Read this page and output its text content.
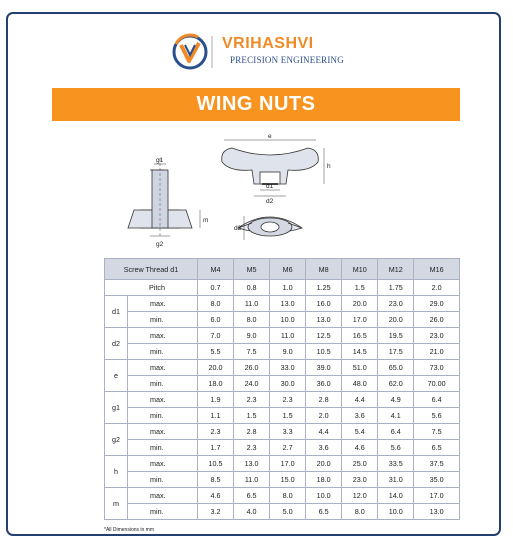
VRIHASHVI
PRECISION ENGINEERING
WING NUTS
g1
m
g2
e
h
d1
d2
d3
Screw Thread d1		M4	M5	M6	M8	M10	M12	M16
Pitch		0.7	0.8	1.0	1.25	1.5	1.75	2.0
d1	max.	8.0	11.0	13.0	16.0	20.0	23.0	29.0
	min.	6.0	8.0	10.0	13.0	17.0	20.0	26.0
d2	max.	7.0	9.0	11.0	12.5	16.5	19.5	23.0
	min.	5.5	7.5	9.0	10.5	14.5	17.5	21.0
e	max.	20.0	26.0	33.0	39.0	51.0	65.0	73.0
	min.	18.0	24.0	30.0	36.0	48.0	62.0	70.00
g1	max.	1.9	2.3	2.3	2.8	4.4	4.9	6.4
	min.	1.1	1.5	1.5	2.0	3.6	4.1	5.6
g2	max.	2.3	2.8	3.3	4.4	5.4	6.4	7.5
	min.	1.7	2.3	2.7	3.6	4.6	5.6	6.5
h	max.	10.5	13.0	17.0	20.0	25.0	33.5	37.5
	min.	8.5	11.0	15.0	18.0	23.0	31.0	35.0
m	max.	4.6	6.5	8.0	10.0	12.0	14.0	17.0
	min.	3.2	4.0	5.0	6.5	8.0	10.0	13.0
*All Dimensions in mm
